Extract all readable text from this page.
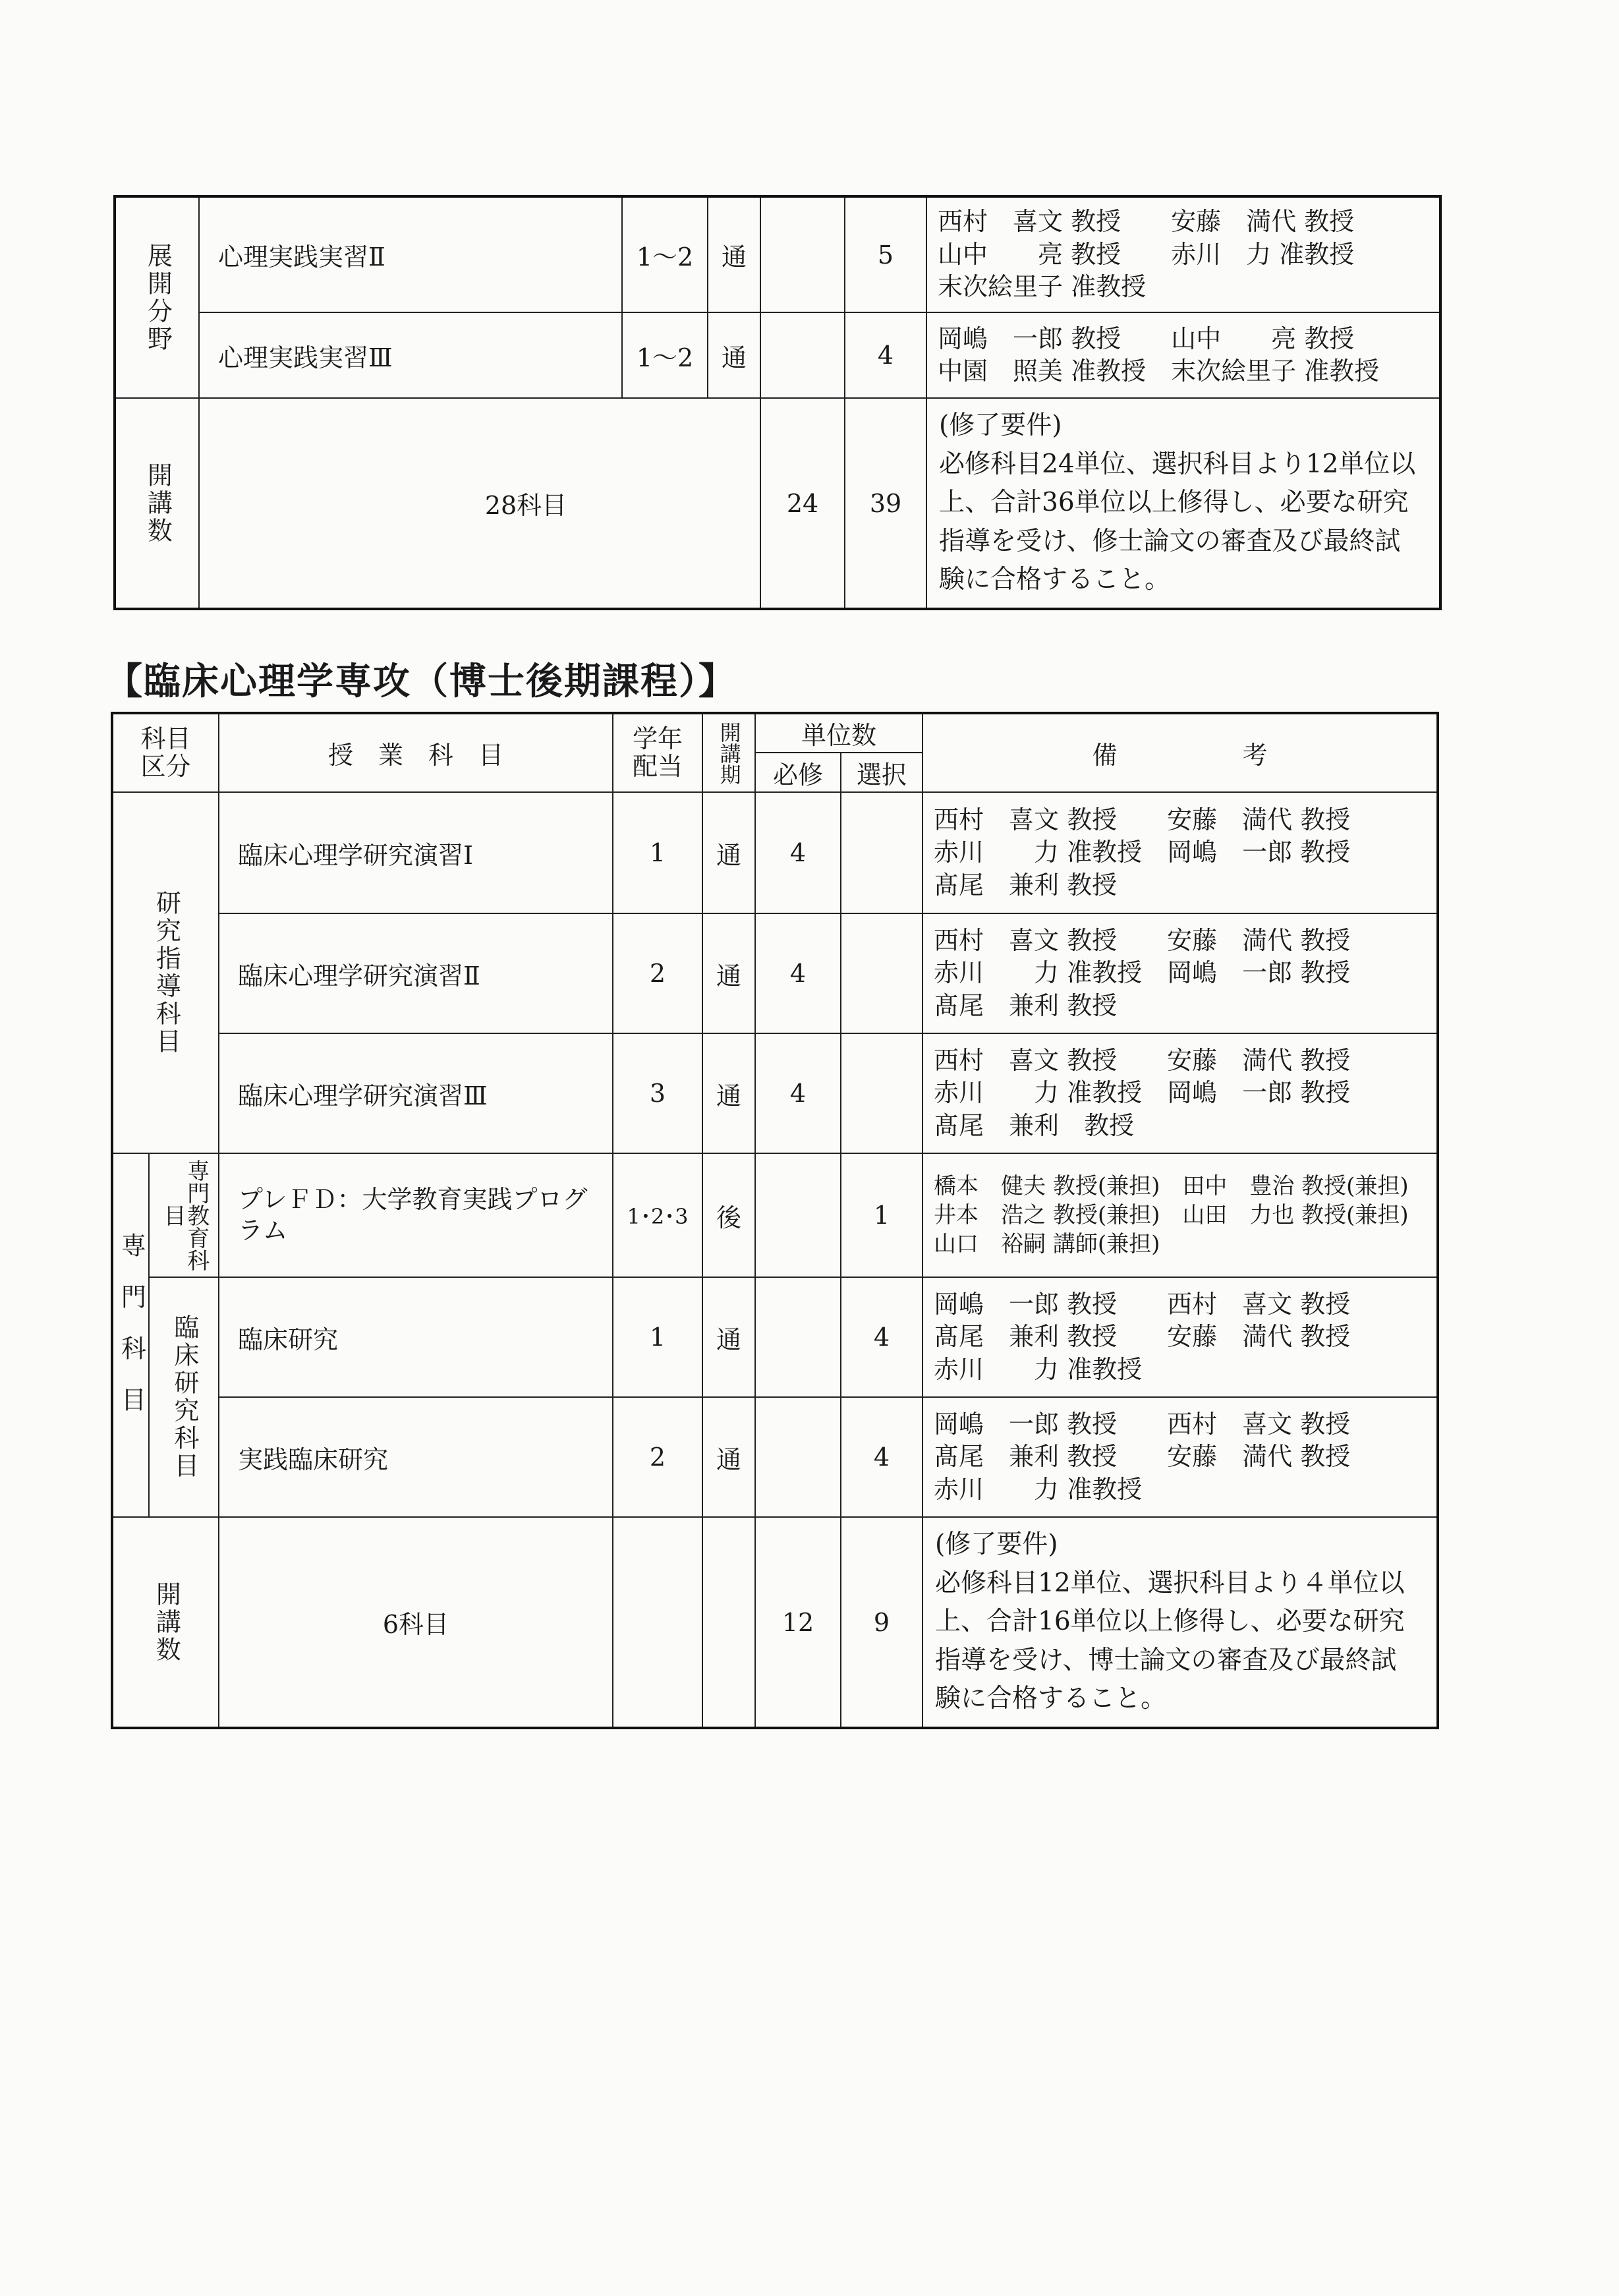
展開分野	心理実践実習Ⅱ	1～2	通		5	西村　喜文 教授　　安藤　満代 教授
山中　　亮 教授　　赤川　力 准教授
末次絵里子 准教授

	心理実践実習Ⅲ	1～2	通		4	岡嶋　一郎 教授　　山中　　亮 教授
中園　照美 准教授　末次絵里子 准教授

開講数	28科目			24	39	(修了要件)
必修科目24単位、選択科目より12単位以
上、合計36単位以上修得し、必要な研究
指導を受け、修士論文の審査及び最終試
験に合格すること。
【臨床心理学専攻（博士後期課程）】
科目区分		授　業　科　目	学年配当	開講期	単位数		備　　　　　考
					必修	選択	

研究指導科目		臨床心理学研究演習Ⅰ	1	通	4		西村　喜文 教授　　安藤　満代 教授
赤川　　力 准教授　岡嶋　一郎 教授
髙尾　兼利 教授

		臨床心理学研究演習Ⅱ	2	通	4		西村　喜文 教授　　安藤　満代 教授
赤川　　力 准教授　岡嶋　一郎 教授
髙尾　兼利 教授

		臨床心理学研究演習Ⅲ	3	通	4		西村　喜文 教授　　安藤　満代 教授
赤川　　力 准教授　岡嶋　一郎 教授
髙尾　兼利　教授

専門科目	専門教育科目	プレＦＤ：大学教育実践プログラム	1･2･3	後		1	橋本　健夫 教授(兼担)　田中　豊治 教授(兼担)
井本　浩之 教授(兼担)　山田　力也 教授(兼担)
山口　裕嗣 講師(兼担)

	臨床研究科目	臨床研究	1	通		4	岡嶋　一郎 教授　　西村　喜文 教授
髙尾　兼利 教授　　安藤　満代 教授
赤川　　力 准教授

		実践臨床研究	2	通		4	岡嶋　一郎 教授　　西村　喜文 教授
髙尾　兼利 教授　　安藤　満代 教授
赤川　　力 准教授

開講数		6科目			12	9	(修了要件)
必修科目12単位、選択科目より４単位以
上、合計16単位以上修得し、必要な研究
指導を受け、博士論文の審査及び最終試
験に合格すること。
